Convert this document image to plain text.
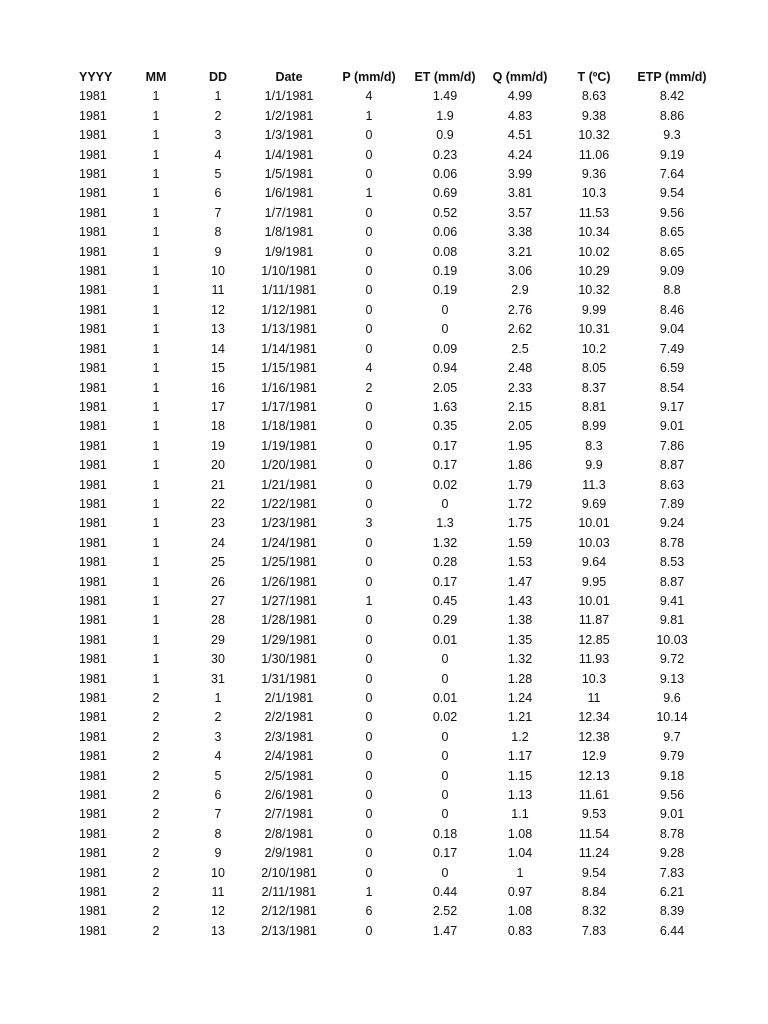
YYYY	MM	DD	Date	P (mm/d)	ET (mm/d)	Q (mm/d)	T (ºC)	ETP (mm/d)
1981	1	1	1/1/1981	4	1.49	4.99	8.63	8.42
1981	1	2	1/2/1981	1	1.9	4.83	9.38	8.86
1981	1	3	1/3/1981	0	0.9	4.51	10.32	9.3
1981	1	4	1/4/1981	0	0.23	4.24	11.06	9.19
1981	1	5	1/5/1981	0	0.06	3.99	9.36	7.64
1981	1	6	1/6/1981	1	0.69	3.81	10.3	9.54
1981	1	7	1/7/1981	0	0.52	3.57	11.53	9.56
1981	1	8	1/8/1981	0	0.06	3.38	10.34	8.65
1981	1	9	1/9/1981	0	0.08	3.21	10.02	8.65
1981	1	10	1/10/1981	0	0.19	3.06	10.29	9.09
1981	1	11	1/11/1981	0	0.19	2.9	10.32	8.8
1981	1	12	1/12/1981	0	0	2.76	9.99	8.46
1981	1	13	1/13/1981	0	0	2.62	10.31	9.04
1981	1	14	1/14/1981	0	0.09	2.5	10.2	7.49
1981	1	15	1/15/1981	4	0.94	2.48	8.05	6.59
1981	1	16	1/16/1981	2	2.05	2.33	8.37	8.54
1981	1	17	1/17/1981	0	1.63	2.15	8.81	9.17
1981	1	18	1/18/1981	0	0.35	2.05	8.99	9.01
1981	1	19	1/19/1981	0	0.17	1.95	8.3	7.86
1981	1	20	1/20/1981	0	0.17	1.86	9.9	8.87
1981	1	21	1/21/1981	0	0.02	1.79	11.3	8.63
1981	1	22	1/22/1981	0	0	1.72	9.69	7.89
1981	1	23	1/23/1981	3	1.3	1.75	10.01	9.24
1981	1	24	1/24/1981	0	1.32	1.59	10.03	8.78
1981	1	25	1/25/1981	0	0.28	1.53	9.64	8.53
1981	1	26	1/26/1981	0	0.17	1.47	9.95	8.87
1981	1	27	1/27/1981	1	0.45	1.43	10.01	9.41
1981	1	28	1/28/1981	0	0.29	1.38	11.87	9.81
1981	1	29	1/29/1981	0	0.01	1.35	12.85	10.03
1981	1	30	1/30/1981	0	0	1.32	11.93	9.72
1981	1	31	1/31/1981	0	0	1.28	10.3	9.13
1981	2	1	2/1/1981	0	0.01	1.24	11	9.6
1981	2	2	2/2/1981	0	0.02	1.21	12.34	10.14
1981	2	3	2/3/1981	0	0	1.2	12.38	9.7
1981	2	4	2/4/1981	0	0	1.17	12.9	9.79
1981	2	5	2/5/1981	0	0	1.15	12.13	9.18
1981	2	6	2/6/1981	0	0	1.13	11.61	9.56
1981	2	7	2/7/1981	0	0	1.1	9.53	9.01
1981	2	8	2/8/1981	0	0.18	1.08	11.54	8.78
1981	2	9	2/9/1981	0	0.17	1.04	11.24	9.28
1981	2	10	2/10/1981	0	0	1	9.54	7.83
1981	2	11	2/11/1981	1	0.44	0.97	8.84	6.21
1981	2	12	2/12/1981	6	2.52	1.08	8.32	8.39
1981	2	13	2/13/1981	0	1.47	0.83	7.83	6.44
